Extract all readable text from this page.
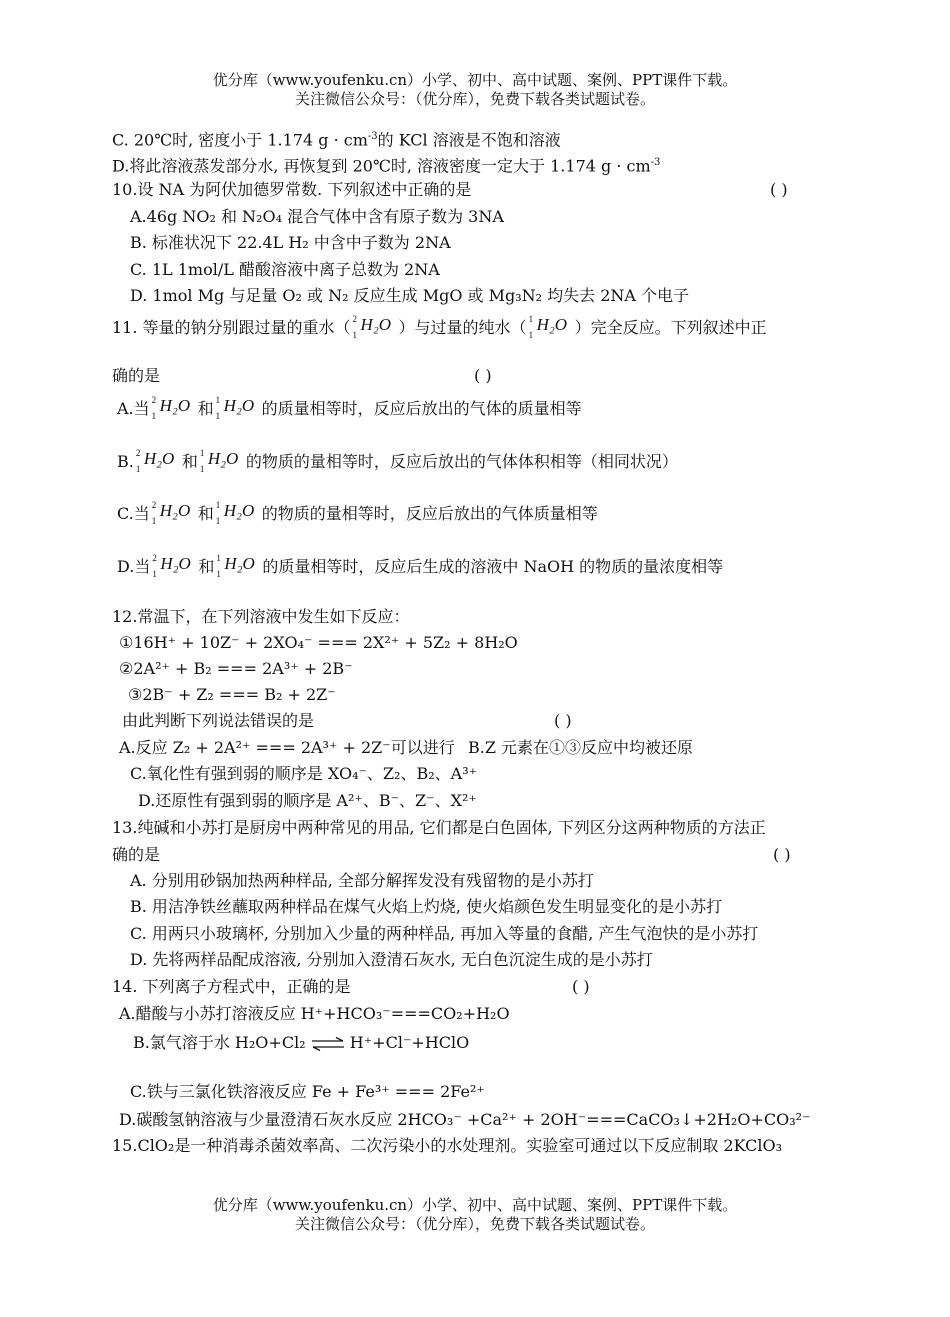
优分库（www.youfenku.cn）小学、初中、高中试题、案例、PPT课件下载。
关注微信公众号：（优分库），免费下载各类试题试卷。
C. 20℃时, 密度小于 1.174 $g \cdot cm^{-3}$的 KCl 溶液是不饱和溶液
D.将此溶液蒸发部分水, 再恢复到 20℃时, 溶液密度一定大于 1.174 $g \cdot cm^{-3}$
10.设 NA 为阿伏加德罗常数. 下列叙述中正确的是	( )
A.46g NO₂ 和 N₂O₄ 混合气体中含有原子数为 3NA
B. 标准状况下 22.4L H₂ 中含中子数为 2NA
C. 1L 1mol/L 醋酸溶液中离子总数为 2NA
D. 1mol Mg 与足量 O₂ 或 N₂ 反应生成 MgO 或 Mg₃N₂ 均失去 2NA 个电子
11. 等量的钠分别跟过量的重水（ 2
1
H₂O ）与过量的纯水（ 1
1
H₂O ）完全反应。下列叙述中正
确的是	( )
A.当 2
1
H₂O 和 1
1
H₂O 的质量相等时，反应后放出的气体的质量相等
B. 2
1
H₂O 和 1
1
H₂O 的物质的量相等时，反应后放出的气体体积相等（相同状况）
C.当 2
1
H₂O 和 1
1
H₂O 的物质的量相等时，反应后放出的气体质量相等
D.当 2
1
H₂O 和 1
1
H₂O 的质量相等时，反应后生成的溶液中 NaOH 的物质的量浓度相等
12.常温下，在下列溶液中发生如下反应：
①16H⁺ + 10Z⁻ + 2XO₄⁻ === 2X²⁺ + 5Z₂ + 8H₂O
②2A²⁺ + B₂ === 2A³⁺ + 2B⁻
③2B⁻ + Z₂ === B₂ + 2Z⁻
由此判断下列说法错误的是	( )
A.反应 Z₂ + 2A²⁺ === 2A³⁺ + 2Z⁻可以进行 B.Z 元素在①③反应中均被还原
C.氧化性有强到弱的顺序是 XO₄⁻、Z₂、B₂、A³⁺
D.还原性有强到弱的顺序是 A²⁺、B⁻、Z⁻、X²⁺
13.纯碱和小苏打是厨房中两种常见的用品, 它们都是白色固体, 下列区分这两种物质的方法正
确的是	( )
A. 分别用砂锅加热两种样品, 全部分解挥发没有残留物的是小苏打
B. 用洁净铁丝蘸取两种样品在煤气火焰上灼烧, 使火焰颜色发生明显变化的是小苏打
C. 用两只小玻璃杯, 分别加入少量的两种样品, 再加入等量的食醋, 产生气泡快的是小苏打
D. 先将两样品配成溶液, 分别加入澄清石灰水, 无白色沉淀生成的是小苏打
14. 下列离子方程式中，正确的是	( )
A.醋酸与小苏打溶液反应 H⁺+HCO₃⁻===CO₂+H₂O
B.氯气溶于水 H₂O+Cl₂ ⇌ H⁺+Cl⁻+HClO
C.铁与三氯化铁溶液反应 Fe + Fe³⁺ === 2Fe²⁺
D.碳酸氢钠溶液与少量澄清石灰水反应 2HCO₃⁻ +Ca²⁺ + 2OH⁻===CaCO₃↓+2H₂O+CO₃²⁻
15.ClO₂是一种消毒杀菌效率高、二次污染小的水处理剂。实验室可通过以下反应制取 2KClO₃
优分库（www.youfenku.cn）小学、初中、高中试题、案例、PPT课件下载。
关注微信公众号：（优分库），免费下载各类试题试卷。
